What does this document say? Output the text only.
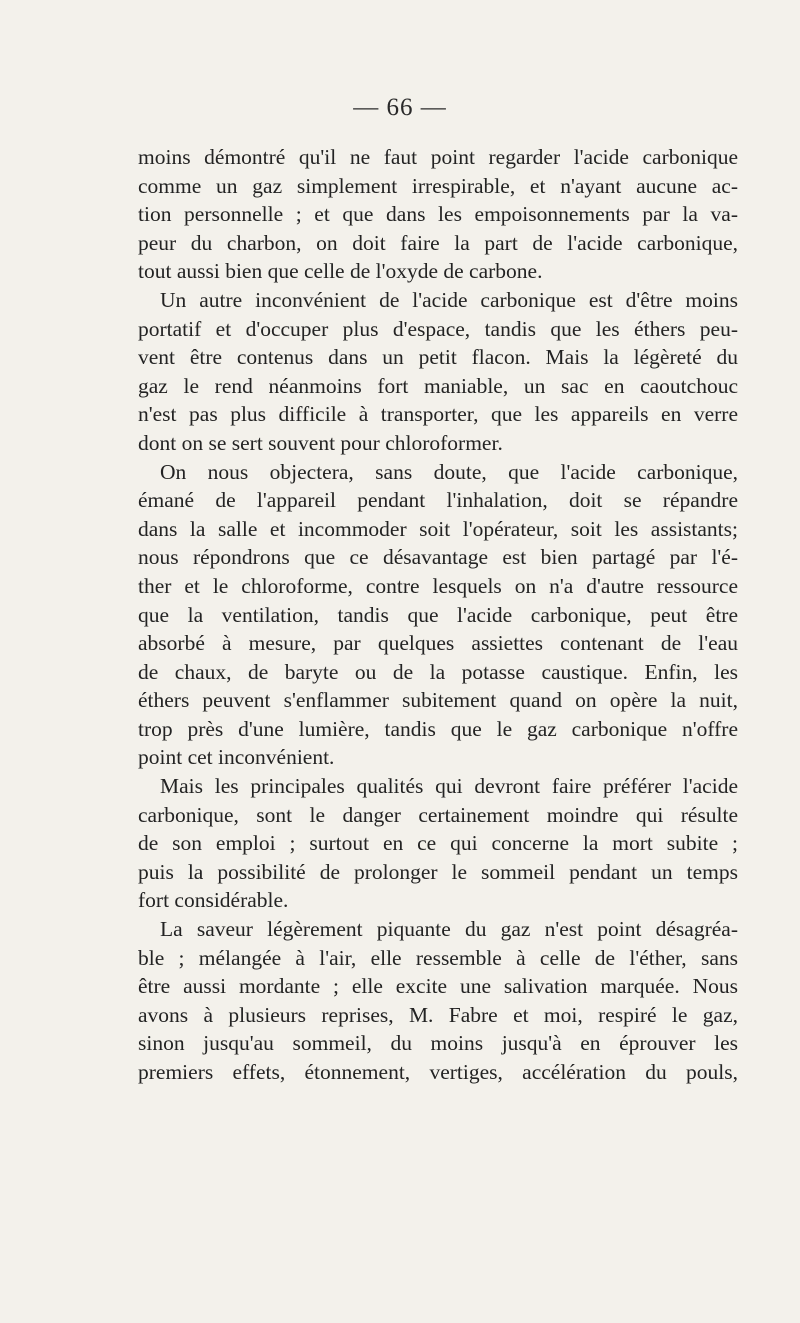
— 66 —
moins démontré qu'il ne faut point regarder l'acide carbonique
comme un gaz simplement irrespirable, et n'ayant aucune ac-
tion personnelle ; et que dans les empoisonnements par la va-
peur du charbon, on doit faire la part de l'acide carbonique,
tout aussi bien que celle de l'oxyde de carbone.
Un autre inconvénient de l'acide carbonique est d'être moins
portatif et d'occuper plus d'espace, tandis que les éthers peu-
vent être contenus dans un petit flacon. Mais la légèreté du
gaz le rend néanmoins fort maniable, un sac en caoutchouc
n'est pas plus difficile à transporter, que les appareils en verre
dont on se sert souvent pour chloroformer.
On nous objectera, sans doute, que l'acide carbonique,
émané de l'appareil pendant l'inhalation, doit se répandre
dans la salle et incommoder soit l'opérateur, soit les assistants;
nous répondrons que ce désavantage est bien partagé par l'é-
ther et le chloroforme, contre lesquels on n'a d'autre ressource
que la ventilation, tandis que l'acide carbonique, peut être
absorbé à mesure, par quelques assiettes contenant de l'eau
de chaux, de baryte ou de la potasse caustique. Enfin, les
éthers peuvent s'enflammer subitement quand on opère la nuit,
trop près d'une lumière, tandis que le gaz carbonique n'offre
point cet inconvénient.
Mais les principales qualités qui devront faire préférer l'acide
carbonique, sont le danger certainement moindre qui résulte
de son emploi ; surtout en ce qui concerne la mort subite ;
puis la possibilité de prolonger le sommeil pendant un temps
fort considérable.
La saveur légèrement piquante du gaz n'est point désagréa-
ble ; mélangée à l'air, elle ressemble à celle de l'éther, sans
être aussi mordante ; elle excite une salivation marquée. Nous
avons à plusieurs reprises, M. Fabre et moi, respiré le gaz,
sinon jusqu'au sommeil, du moins jusqu'à en éprouver les
premiers effets, étonnement, vertiges, accélération du pouls,
